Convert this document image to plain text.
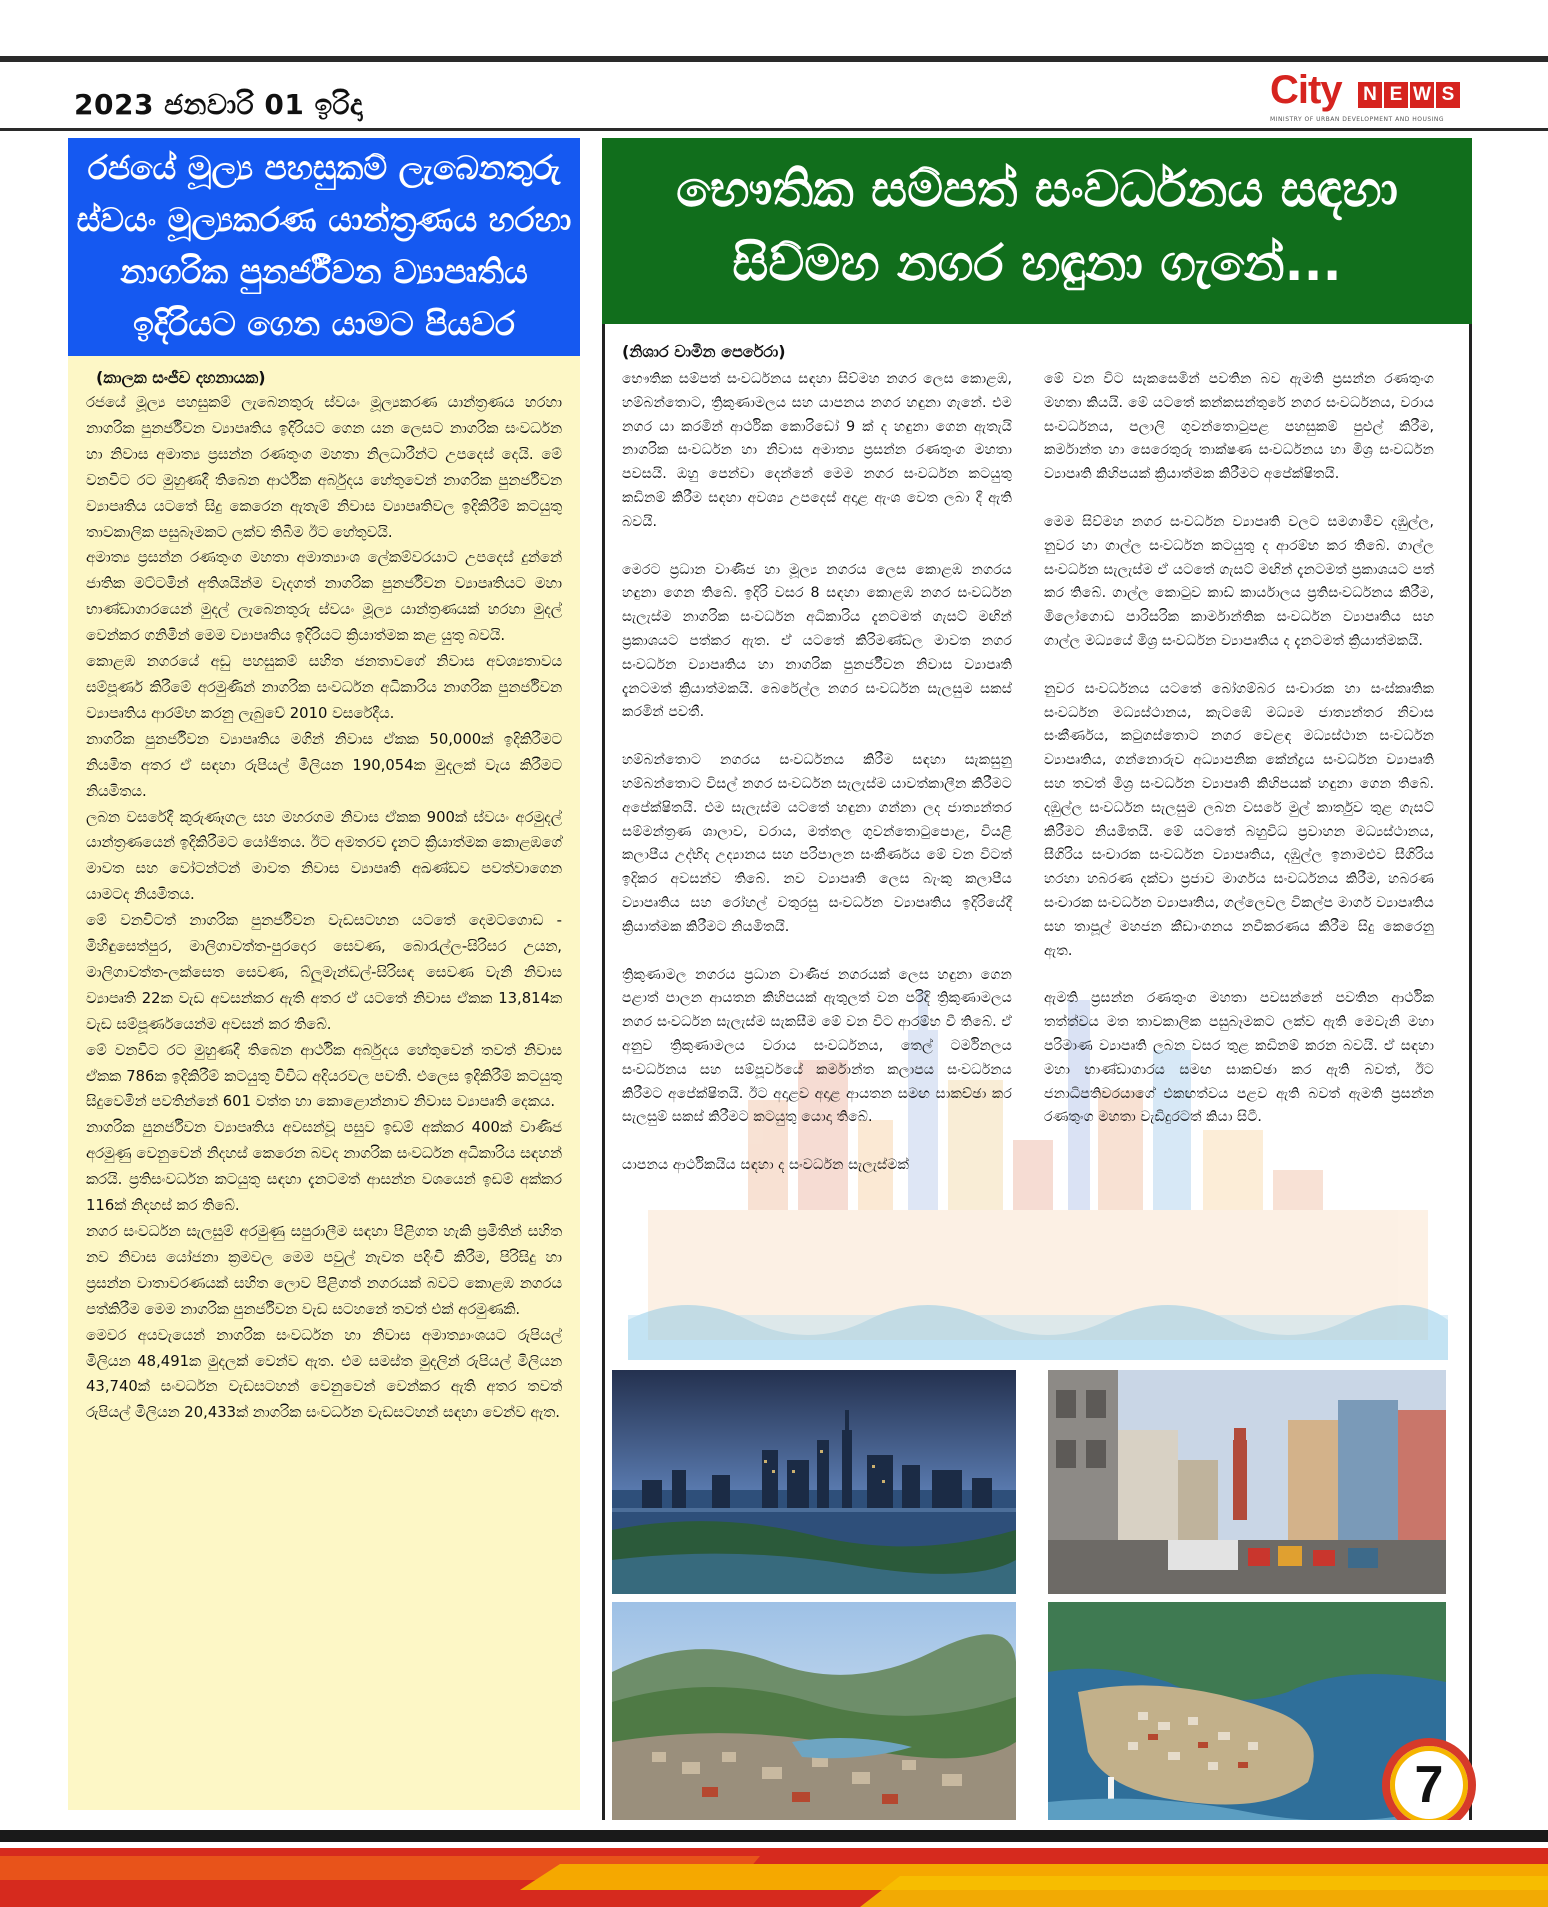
2023 ජනවාරි 01 ඉරිදා	City N E W S
MINISTRY OF URBAN DEVELOPMENT AND HOUSING
රජයේ මූල්‍ය පහසුකම් ලැබෙනතුරු
ස්වයං මූල්‍යකරණ යාන්ත්‍රණය හරහා
නාගරික පුනර්ජීවන ව්‍යාපෘතිය
ඉදිරියට ගෙන යාමට පියවර
(කාලක සංජීව දහනායක)

රජයේ මූල්‍ය පහසුකම් ලැබෙනතුරු ස්වයං මූල්‍යකරණ යාන්ත්‍රණය හරහා නාගරික පුනර්ජීවන ව්‍යාපෘතිය ඉදිරියට ගෙන යන ලෙසට නාගරික සංවර්ධන හා නිවාස අමාත්‍ය ප්‍රසන්න රණතුංග මහතා නිලධාරීන්ට උපදෙස් දෙයි. මේ වනවිට රට මුහුණදී තිබෙන ආර්ථික අර්බුදය හේතුවෙන් නාගරික පුනර්ජීවන ව්‍යාපෘතිය යටතේ සිදු කෙරෙන ඇතැම් නිවාස ව්‍යාපෘතිවල ඉදිකිරීම් කටයුතු තාවකාලික පසුබෑමකට ලක්ව තිබීම ඊට හේතුවයි.

අමාත්‍ය ප්‍රසන්න රණතුංග මහතා අමාත්‍යාංශ ලේකම්වරයාට උපදෙස් දුන්නේ ජාතික මට්ටමින් අතිශයින්ම වැදගත් නාගරික පුනර්ජීවන ව්‍යාපෘතියට මහා භාණ්ඩාගාරයෙන් මුදල් ලැබෙනතුරු ස්වයං මූල්‍ය යාන්ත්‍රණයක් හරහා මුදල් වෙන්කර ගනිමින් මෙම ව්‍යාපෘතිය ඉදිරියට ක්‍රියාත්මක කළ යුතු බවයි.

කොළඹ නගරයේ අඩු පහසුකම් සහිත ජනතාවගේ නිවාස අවශ්‍යතාවය සම්පූර්ණ කිරීමේ අරමුණින් නාගරික සංවර්ධන අධිකාරිය නාගරික පුනර්ජීවන ව්‍යාපෘතිය ආරම්භ කරනු ලැබුවේ 2010 වසරේදීය.

නාගරික පුනර්ජීවන ව්‍යාපෘතිය මගින් නිවාස ඒකක 50,000ක් ඉදිකිරීමට නියමිත අතර ඒ සඳහා රුපියල් මිලියන 190,054ක මුදලක් වැය කිරීමට නියමිතය.

ලබන වසරේදී කුරුණෑගල සහ මහරගම නිවාස ඒකක 900ක් ස්වයං අරමුදල් යාන්ත්‍රණයෙන් ඉදිකිරීමට යෝජිතය. ඊට අමතරව දැනට ක්‍රියාත්මක කොළඹගේ මාවත සහ වෝටන්ටන් මාවත නිවාස ව්‍යාපෘති අඛණ්ඩව පවත්වාගෙන යාමටද නියමිතය.

මේ වනවිටත් නාගරික පුනර්ජීවන වැඩසටහන යටතේ දෙමටගොඩ - මිහිඳුසෙත්පුර, මාලිගාවත්ත-පුරදොර සෙවණ, බොරැල්ල-සිරිසර උයන, මාලිගාවත්ත-ලක්සෙත සෙවණ, බ්ලූමැන්ඩල්-සිරිසඳ සෙවණ වැනි නිවාස ව්‍යාපෘති 22ක වැඩ අවසන්කර ඇති අතර ඒ යටතේ නිවාස ඒකක 13,814ක වැඩ සම්පූර්ණයෙන්ම අවසන් කර තිබේ.

මේ වනවිට රට මුහුණදී තිබෙන ආර්ථික අර්බුදය හේතුවෙන් තවත් නිවාස ඒකක 786ක ඉදිකිරීම් කටයුතු විවිධ අදියරවල පවතී. එලෙස ඉදිකිරීම් කටයුතු සිදුවෙමින් පවතින්නේ 601 වත්ත හා කොළොන්නාව නිවාස ව්‍යාපෘති දෙකය.

නාගරික පුනර්ජීවන ව්‍යාපෘතිය අවසන්වූ පසුව ඉඩම් අක්කර 400ක් වාණිජ අරමුණු වෙනුවෙන් නිදහස් කෙරෙන බවද නාගරික සංවර්ධන අධිකාරිය සඳහන් කරයි. ප්‍රතිසංවර්ධන කටයුතු සඳහා දැනටමත් ආසන්න වශයෙන් ඉඩම් අක්කර 116ක් නිදහස් කර තිබේ.

නගර සංවර්ධන සැලසුම් අරමුණු සපුරාලීම සඳහා පිළිගත හැකි ප්‍රමිතින් සහිත නව නිවාස යෝජනා ක්‍රමවල මෙම පවුල් නැවත පදිංචි කිරීම, පිරිසිදු හා ප්‍රසන්න වාතාවරණයක් සහිත ලොව පිළිගත් නගරයක් බවට කොළඹ නගරය පත්කිරීම මෙම නාගරික පුනර්ජීවන වැඩ සටහනේ තවත් එක් අරමුණකි.

මෙවර අයවැයෙන් නාගරික සංවර්ධන හා නිවාස අමාත්‍යාංශයට රුපියල් මිලියන 48,491ක මුදලක් වෙන්ව ඇත. එම සමස්ත මුදලින් රුපියල් මිලියන 43,740ක් සංවර්ධන වැඩසටහන් වෙනුවෙන් වෙන්කර ඇති අතර තවත් රුපියල් මිලියන 20,433ක් නාගරික සංවර්ධන වැඩසටහන් සඳහා වෙන්ව ඇත.

භෞතික සම්පත් සංවර්ධනය සඳහා
සිව්මහ නගර හඳුනා ගැනේ...
(නිශාර වාමින පෙරේරා)

භෞතික සම්පත් සංවර්ධනය සඳහා සිව්මහ නගර ලෙස කොළඹ, හම්බන්තොට, ත්‍රිකුණාමලය සහ යාපනය නගර හඳුනා ගැනේ. එම නගර යා කරමින් ආර්ථික කොරිඩෝ 9 ක් ද හඳුනා ගෙන ඇතැයි නාගරික සංවර්ධන හා නිවාස අමාත්‍ය ප්‍රසන්න රණතුංග මහතා පවසයි. ඔහු පෙන්වා දෙන්නේ මෙම නගර සංවර්ධන කටයුතු කඩිනම් කිරීම සඳහා අවශ්‍ය උපදෙස් අදාළ ඇංශ වෙත ලබා දී ඇති බවයි.

මෙරට ප්‍රධාන වාණිජ හා මූල්‍ය නගරය ලෙස කොළඹ නගරය හඳුනා ගෙන තිබේ. ඉදිරි වසර 8 සඳහා කොළඹ නගර සංවර්ධන සැලැස්ම නාගරික සංවර්ධන අධිකාරිය දැනටමත් ගැසට් මඟින් ප්‍රකාශයට පත්කර ඇත. ඒ යටතේ කිරිමණ්ඩල මාවත නගර සංවර්ධන ව්‍යාපෘතිය හා නාගරික පුනර්ජීවන නිවාස ව්‍යාපෘති දැනටමත් ක්‍රියාත්මකයි. බෙරේල්ල නගර සංවර්ධන සැලසුම සකස් කරමින් පවතී.

හම්බන්තොට නගරය සංවර්ධනය කිරීම සඳහා සැකසුනු හම්බන්තොට විසල් නගර සංවර්ධන සැලැස්ම යාවත්කාලීන කිරීමට අපේක්ෂිතයි. එම සැලැස්ම යටතේ හඳුනා ගන්නා ලද ජාත්‍යන්තර සම්මන්ත්‍රණ ශාලාව, වරාය, මත්තල ගුවන්තොටුපොළ, වියළි කලාපීය උද්භිද උද්‍යානය සහ පරිපාලන සංකීර්ණය මේ වන විටත් ඉදිකර අවසන්ව තිබේ. නව ව්‍යාපෘති ලෙස බැංකු කලාපීය ව්‍යාපෘතිය සහ රෝහල් වතුරසු සංවර්ධන ව්‍යාපෘතිය ඉදිරියේදී ක්‍රියාත්මක කිරීමට නියමිතයි.

ත්‍රිකුණාමල නගරය ප්‍රධාන වාණිජ නගරයක් ලෙස හඳුනා ගෙන පළාත් පාලන ආයතන කිහිපයක් ඇතුලත් වන පරිදි ත්‍රිකුණාමලය නගර සංවර්ධන සැලැස්ම සැකසීම මේ වන විට ආරම්භ වී තිබේ. ඒ අනුව ත්‍රිකුණාමලය වරාය සංවර්ධනය, තෙල් ටර්මිනලය සංවර්ධනය සහ සම්පූර්වයේ කර්මාන්ත කලාපය සංවර්ධනය කිරීමට අපේක්ෂිතයි. ඊට අදාළව අදාළ ආයතන සමඟ සාකච්ඡා කර සැලසුම් සකස් කිරීමට කටයුතු යොදා තිබේ.

යාපනය ආර්ථිකයිය සඳහා ද සංවර්ධන සැලැස්මක්

මේ වන විට සැකසෙමින් පවතින බව ඇමති ප්‍රසන්න රණතුංග මහතා කියයි. මේ යටතේ කන්කසන්තුරේ නගර සංවර්ධනය, වරාය සංවර්ධනය, පලාලි ගුවන්තොටුපළ පහසුකම් පුළුල් කිරීම, කර්මාන්ත හා සෙරෙතුරු තාක්ෂණ සංවර්ධනය හා මිශ්‍ර සංවර්ධන ව්‍යාපෘති කිහිපයක් ක්‍රියාත්මක කිරීමට අපේක්ෂිතයි.

මෙම සිව්මහ නගර සංවර්ධන ව්‍යාපෘති වලට සමගාමීව දඹුල්ල, නුවර හා ගාල්ල සංවර්ධන කටයුතු ද ආරම්භ කර තිබේ. ගාල්ල සංවර්ධන සැලැස්ම ඒ යටතේ ගැසට් මඟින් දැනටමත් ප්‍රකාශයට පත් කර තිබේ. ගාල්ල කොටුව කාඩ් කාර්යාලය ප්‍රතිසංවර්ධනය කිරීම, මිලෝගොඩ පාරිසරික කාර්මාන්තික සංවර්ධන ව්‍යාපෘතිය සහ ගාල්ල මධ්‍යයේ මිශ්‍ර සංවර්ධන ව්‍යාපෘතිය ද දැනටමත් ක්‍රියාත්මකයි.

නුවර සංවර්ධනය යටතේ බෝගම්බර සංචාරක හා සංස්කෘතික සංවර්ධන මධ්‍යස්ථානය, කැටඹේ මධ්‍යම ජාත්‍යන්තර නිවාස සංකීර්ණය, කටුගස්තොට නගර වෙළඳ මධ්‍යස්ථාන සංවර්ධන ව්‍යාපෘතිය, ගන්නොරුව අධ්‍යාපනික කේන්ද්‍රය සංවර්ධන ව්‍යාපෘති සහ තවත් මිශ්‍ර සංවර්ධන ව්‍යාපෘති කිහිපයක් හඳුනා ගෙන තිබේ. දඹුල්ල සංවර්ධන සැලසුම ලබන වසරේ මුල් කාර්තුව තුළ ගැසට් කිරීමට නියමිතයි. මේ යටතේ බහුවිධ ප්‍රවාහන මධ්‍යස්ථානය, සීගිරිය සංචාරක සංවර්ධන ව්‍යාපෘතිය, දඹුල්ල ඉනාමළුව සීගිරිය හරහා හබරණ දක්වා ප්‍රජාව මාර්ගය සංවර්ධනය කිරීම, හබරණ සංචාරක සංවර්ධන ව්‍යාපෘතිය, ගල්ලෙවල විකල්ප මාර්ග ව්‍යාපෘතිය සහ තාපූල් මහජන කීඩාංගනය නවීකරණය කිරීම සිදු කෙරෙනු ඇත.

ඇමති ප්‍රසන්න රණතුංග මහතා පවසන්නේ පවතින ආර්ථික තත්ත්වය මත තාවකාලික පසුබෑමකට ලක්ව ඇති මෙවැනි මහා පරිමාණ ව්‍යාපෘති ලබන වසර තුළ කඩිනම් කරන බවයි. ඒ සඳහා මහා භාණ්ඩාගාරය සමඟ සාකච්ඡා කර ඇති බවත්, ඊට ජනාධිපතිවරයාගේ එකඟත්වය පළව ඇති බවත් ඇමති ප්‍රසන්න රණතුංග මහතා වැඩිදුරටත් කියා සිටී.

7
